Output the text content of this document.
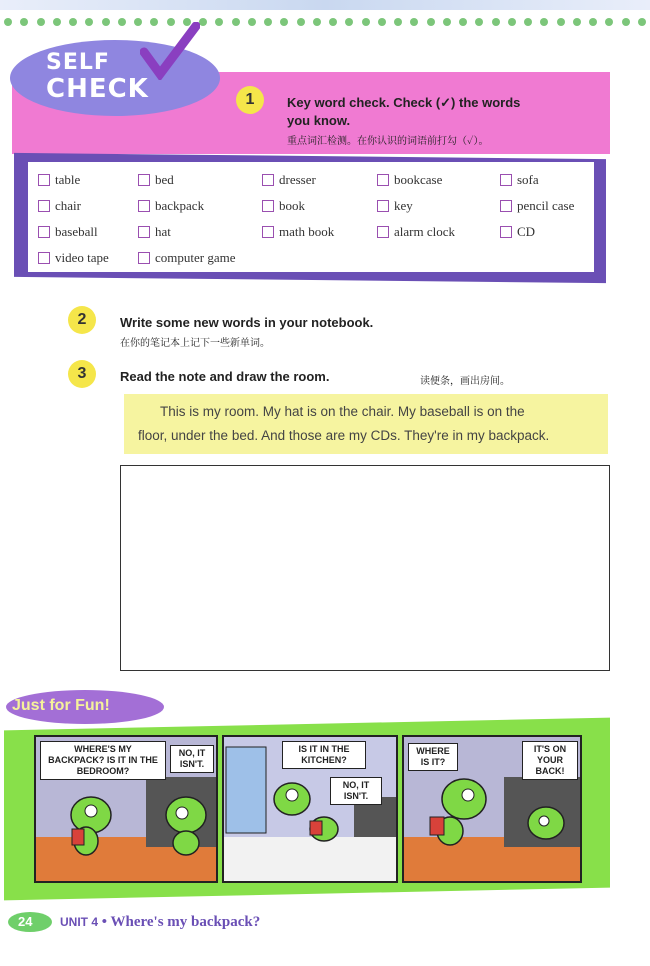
SELF
CHECK	1	Key word check. Check (✓) the words
you know.
重点词汇检测。在你认识的词语前打勾（✓）。
table	bed	dresser	bookcase	sofa
chair	backpack	book	key	pencil case
baseball	hat	math book	alarm clock	CD
video tape	computer game
2	Write some new words in your notebook.
在你的笔记本上记下一些新单词。
3	Read the note and draw the room.	读便条，画出房间。

This is my room. My hat is on the chair. My baseball is on the

floor, under the bed. And those are my CDs. They're in my backpack.

Just for Fun!
WHERE'S MY BACKPACK? IS IT IN THE BEDROOM?
NO, IT ISN'T.
IS IT IN THE KITCHEN?
NO, IT ISN'T.
WHERE IS IT?
IT'S ON YOUR BACK!
24 UNIT 4 • Where's my backpack?
